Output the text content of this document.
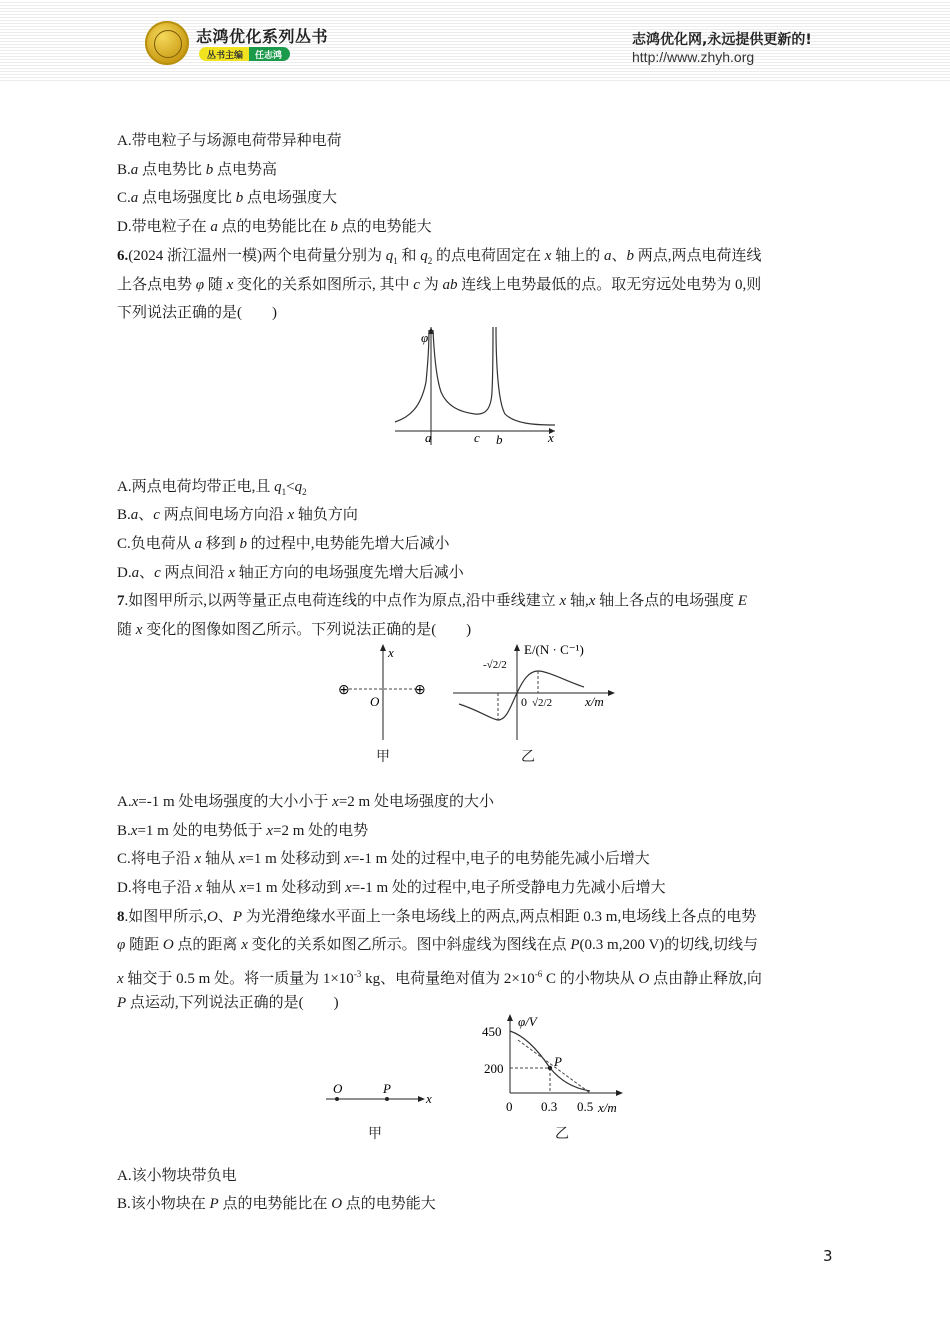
志鸿优化系列丛书
丛书主编	任志鸿
志鸿优化网,永远提供更新的!
http://www.zhyh.org
A.带电粒子与场源电荷带异种电荷
B.a 点电势比 b 点电势高
C.a 点电场强度比 b 点电场强度大
D.带电粒子在 a 点的电势能比在 b 点的电势能大
6.(2024 浙江温州一模)两个电荷量分别为 $q_1$ 和 $q_2$ 的点电荷固定在 x 轴上的 a、b 两点,两点电荷连线
上各点电势 φ 随 x 变化的关系如图所示, 其中 c 为 ab 连线上电势最低的点。取无穷远处电势为 0,则
下列说法正确的是(　　)
φ
a	c b	x
A.两点电荷均带正电,且 $q_1<q_2$
B.a、c 两点间电场方向沿 x 轴负方向
C.负电荷从 a 移到 b 的过程中,电势能先增大后减小
D.a、c 两点间沿 x 轴正方向的电场强度先增大后减小
7.如图甲所示,以两等量正点电荷连线的中点作为原点,沿中垂线建立 x 轴,x 轴上各点的电场强度 E
随 x 变化的图像如图乙所示。下列说法正确的是(　　)
⊕	⊕
x
O
甲
E/(N · C⁻¹)
-√2/2
0 √2/2	x/m
乙
A.x=-1 m 处电场强度的大小小于 x=2 m 处电场强度的大小
B.x=1 m 处的电势低于 x=2 m 处的电势
C.将电子沿 x 轴从 x=1 m 处移动到 x=-1 m 处的过程中,电子的电势能先减小后增大
D.将电子沿 x 轴从 x=1 m 处移动到 x=-1 m 处的过程中,电子所受静电力先减小后增大
8.如图甲所示,O、P 为光滑绝缘水平面上一条电场线上的两点,两点相距 0.3 m,电场线上各点的电势
φ 随距 O 点的距离 x 变化的关系如图乙所示。图中斜虚线为图线在点 P(0.3 m,200 V)的切线,切线与
x 轴交于 0.5 m 处。将一质量为 $1\times 10^{-3}$ kg、电荷量绝对值为 $2\times 10^{-6}$ C 的小物块从 O 点由静止释放,向
P 点运动,下列说法正确的是(　　)
O	P
x
甲
φ/V
450
200	P
0 0.3 0.5 x/m
乙
A.该小物块带负电
B.该小物块在 P 点的电势能比在 O 点的电势能大
3
